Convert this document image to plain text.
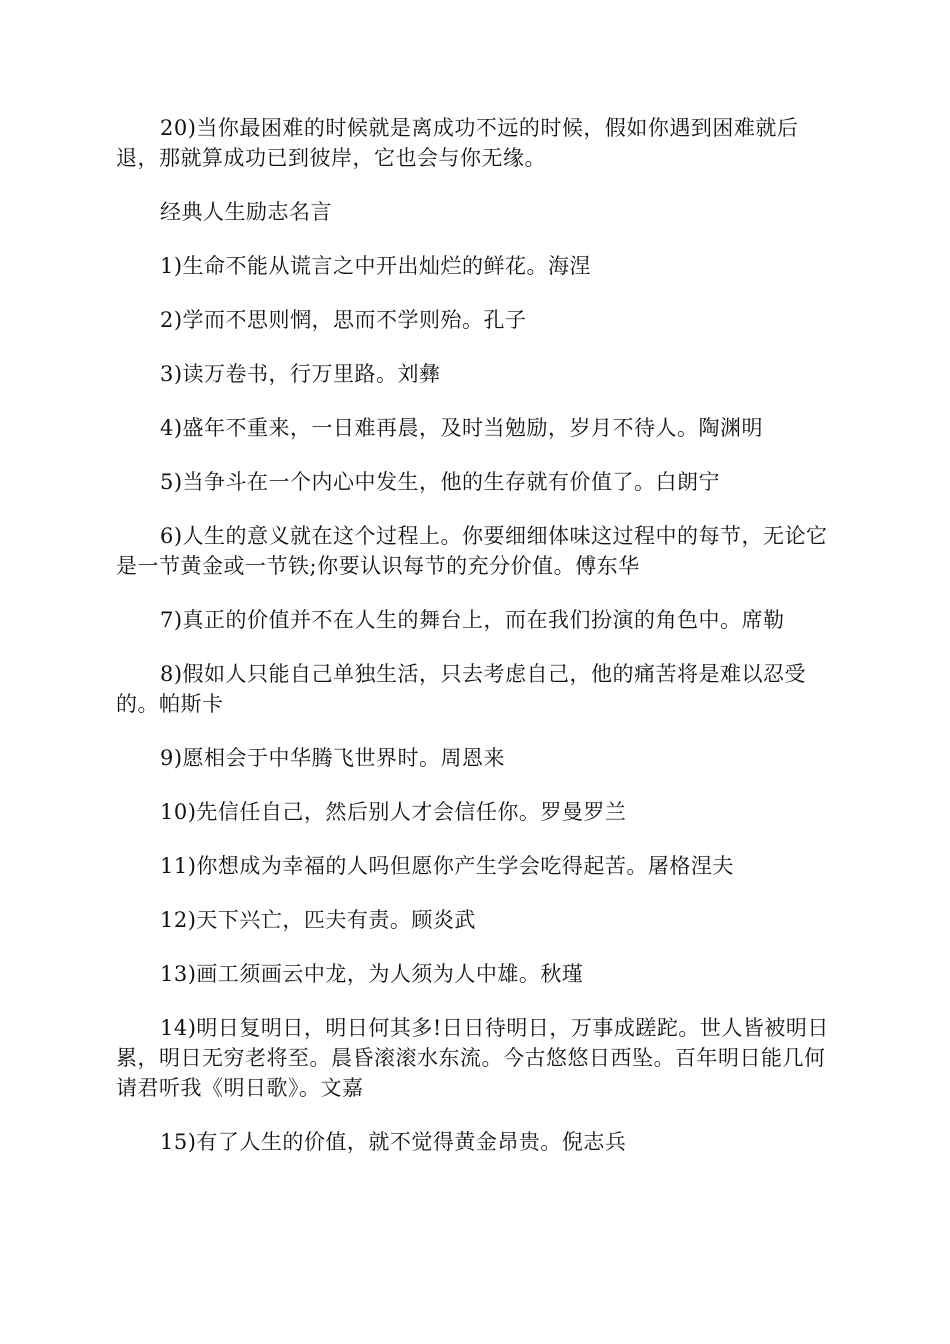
20)当你最困难的时候就是离成功不远的时候，假如你遇到困难就后退，那就算成功已到彼岸，它也会与你无缘。

经典人生励志名言

1)生命不能从谎言之中开出灿烂的鲜花。海涅

2)学而不思则惘，思而不学则殆。孔子

3)读万卷书，行万里路。刘彝

4)盛年不重来，一日难再晨，及时当勉励，岁月不待人。陶渊明

5)当争斗在一个内心中发生，他的生存就有价值了。白朗宁

6)人生的意义就在这个过程上。你要细细体味这过程中的每节，无论它是一节黄金或一节铁;你要认识每节的充分价值。傅东华

7)真正的价值并不在人生的舞台上，而在我们扮演的角色中。席勒

8)假如人只能自己单独生活，只去考虑自己，他的痛苦将是难以忍受的。帕斯卡

9)愿相会于中华腾飞世界时。周恩来

10)先信任自己，然后别人才会信任你。罗曼罗兰

11)你想成为幸福的人吗但愿你产生学会吃得起苦。屠格涅夫

12)天下兴亡，匹夫有责。顾炎武

13)画工须画云中龙，为人须为人中雄。秋瑾

14)明日复明日，明日何其多!日日待明日，万事成蹉跎。世人皆被明日累，明日无穷老将至。晨昏滚滚水东流。今古悠悠日西坠。百年明日能几何请君听我《明日歌》。文嘉

15)有了人生的价值，就不觉得黄金昂贵。倪志兵
